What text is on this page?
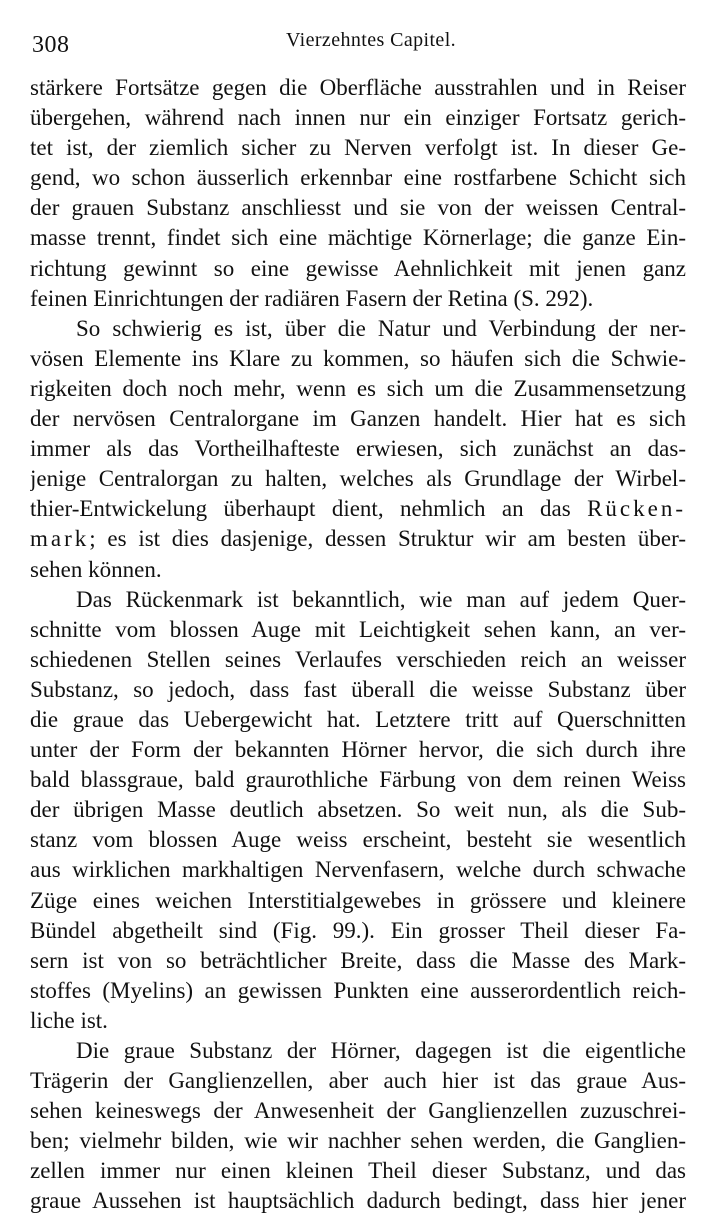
308	Vierzehntes Capitel.
stärkere Fortsätze gegen die Oberfläche ausstrahlen und in Reiser
übergehen, während nach innen nur ein einziger Fortsatz gerich-
tet ist, der ziemlich sicher zu Nerven verfolgt ist. In dieser Ge-
gend, wo schon äusserlich erkennbar eine rostfarbene Schicht sich
der grauen Substanz anschliesst und sie von der weissen Central-
masse trennt, findet sich eine mächtige Körnerlage; die ganze Ein-
richtung gewinnt so eine gewisse Aehnlichkeit mit jenen ganz
feinen Einrichtungen der radiären Fasern der Retina (S. 292).
So schwierig es ist, über die Natur und Verbindung der ner-
vösen Elemente ins Klare zu kommen, so häufen sich die Schwie-
rigkeiten doch noch mehr, wenn es sich um die Zusammensetzung
der nervösen Centralorgane im Ganzen handelt. Hier hat es sich
immer als das Vortheilhafteste erwiesen, sich zunächst an das-
jenige Centralorgan zu halten, welches als Grundlage der Wirbel-
thier-Entwickelung überhaupt dient, nehmlich an das Rücken-
mark; es ist dies dasjenige, dessen Struktur wir am besten über-
sehen können.
Das Rückenmark ist bekanntlich, wie man auf jedem Quer-
schnitte vom blossen Auge mit Leichtigkeit sehen kann, an ver-
schiedenen Stellen seines Verlaufes verschieden reich an weisser
Substanz, so jedoch, dass fast überall die weisse Substanz über
die graue das Uebergewicht hat. Letztere tritt auf Querschnitten
unter der Form der bekannten Hörner hervor, die sich durch ihre
bald blassgraue, bald graurothliche Färbung von dem reinen Weiss
der übrigen Masse deutlich absetzen. So weit nun, als die Sub-
stanz vom blossen Auge weiss erscheint, besteht sie wesentlich
aus wirklichen markhaltigen Nervenfasern, welche durch schwache
Züge eines weichen Interstitialgewebes in grössere und kleinere
Bündel abgetheilt sind (Fig. 99.). Ein grosser Theil dieser Fa-
sern ist von so beträchtlicher Breite, dass die Masse des Mark-
stoffes (Myelins) an gewissen Punkten eine ausserordentlich reich-
liche ist.
Die graue Substanz der Hörner, dagegen ist die eigentliche
Trägerin der Ganglienzellen, aber auch hier ist das graue Aus-
sehen keineswegs der Anwesenheit der Ganglienzellen zuzuschrei-
ben; vielmehr bilden, wie wir nachher sehen werden, die Ganglien-
zellen immer nur einen kleinen Theil dieser Substanz, und das
graue Aussehen ist hauptsächlich dadurch bedingt, dass hier jener
